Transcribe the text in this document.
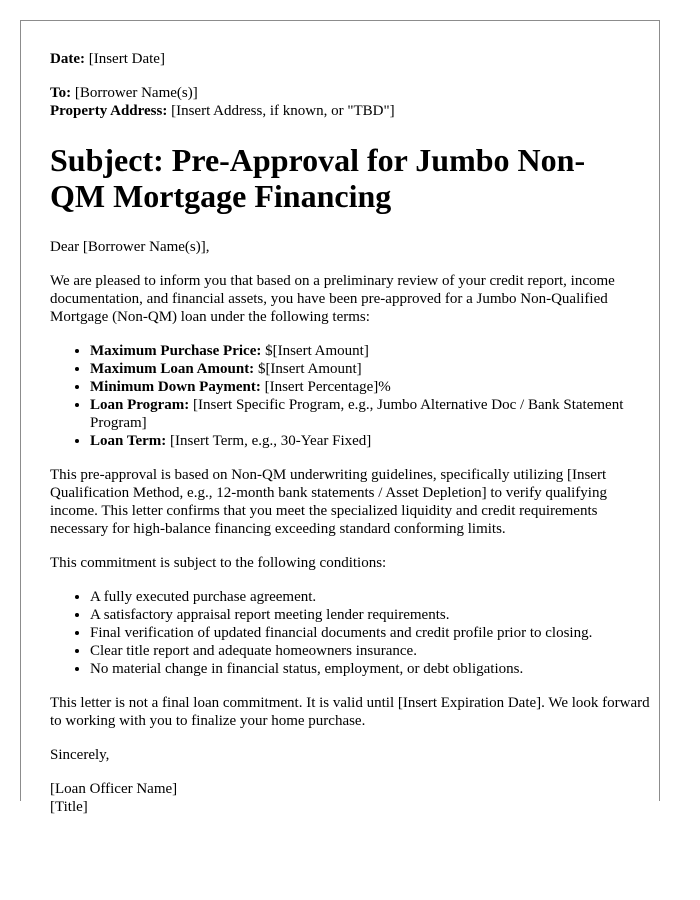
Date: [Insert Date]

To: [Borrower Name(s)]

Property Address: [Insert Address, if known, or "TBD"]

Subject: Pre-Approval for Jumbo Non-QM Mortgage Financing

Dear [Borrower Name(s)],

We are pleased to inform you that based on a preliminary review of your credit report, income documentation, and financial assets, you have been pre-approved for a Jumbo Non-Qualified Mortgage (Non-QM) loan under the following terms:

• Maximum Purchase Price: $[Insert Amount]
• Maximum Loan Amount: $[Insert Amount]
• Minimum Down Payment: [Insert Percentage]%
• Loan Program: [Insert Specific Program, e.g., Jumbo Alternative Doc / Bank Statement Program]
• Loan Term: [Insert Term, e.g., 30-Year Fixed]

This pre-approval is based on Non-QM underwriting guidelines, specifically utilizing [Insert Qualification Method, e.g., 12-month bank statements / Asset Depletion] to verify qualifying income. This letter confirms that you meet the specialized liquidity and credit requirements necessary for high-balance financing exceeding standard conforming limits.

This commitment is subject to the following conditions:

• A fully executed purchase agreement.
• A satisfactory appraisal report meeting lender requirements.
• Final verification of updated financial documents and credit profile prior to closing.
• Clear title report and adequate homeowners insurance.
• No material change in financial status, employment, or debt obligations.

This letter is not a final loan commitment. It is valid until [Insert Expiration Date]. We look forward to working with you to finalize your home purchase.

Sincerely,

[Loan Officer Name]

[Title]
